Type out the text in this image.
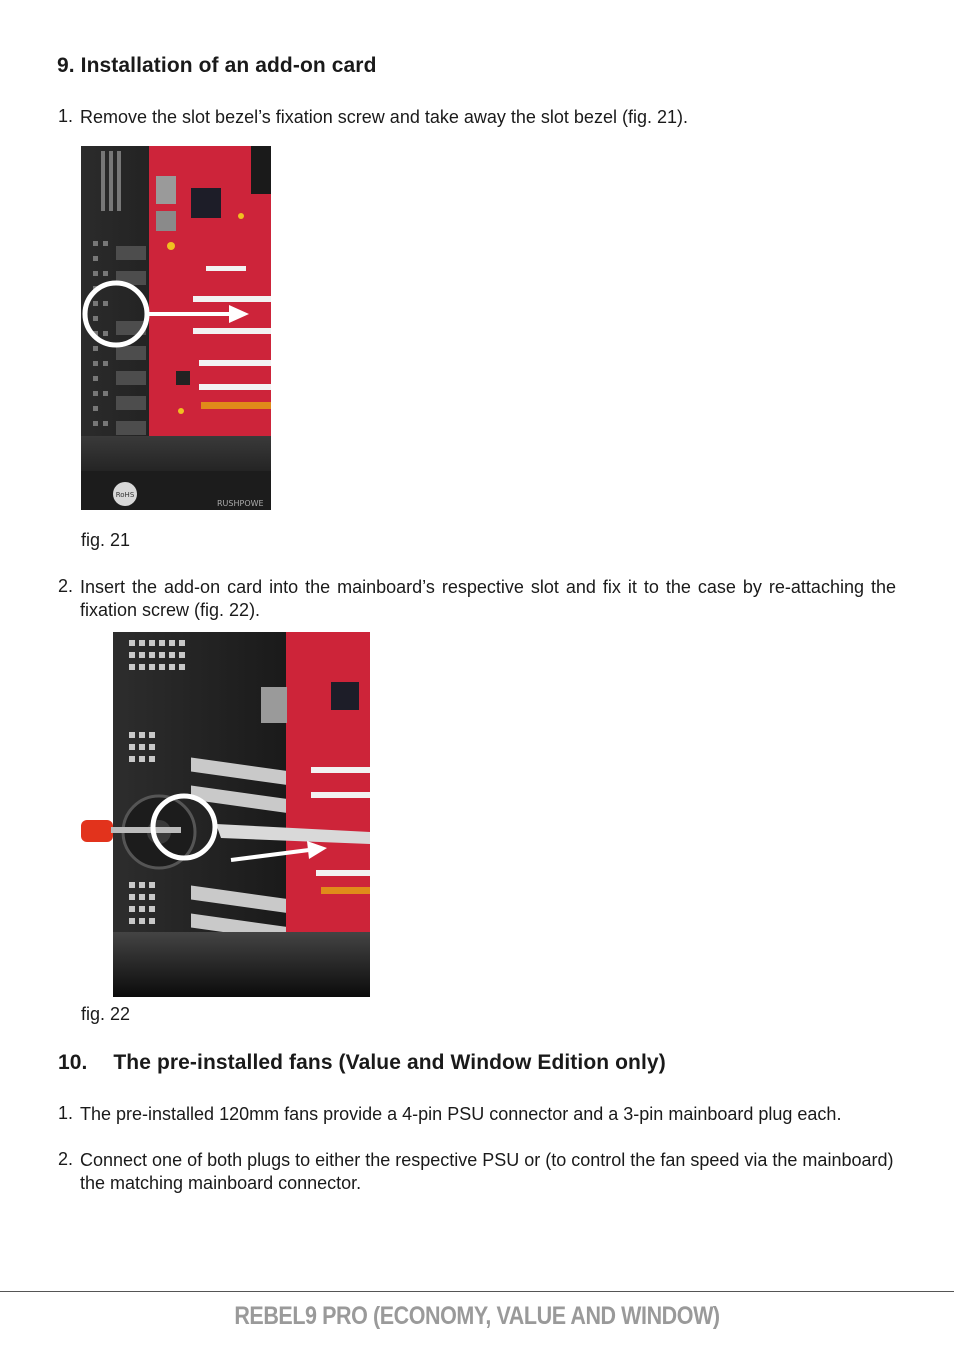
9. Installation of an add-on card
1. Remove the slot bezel’s fixation screw and take away the slot bezel (fig. 21).
RoHS
RUSHPOWE
fig. 21
2. Insert the add-on card into the mainboard’s respective slot and fix it to the case by re-attaching the fixation screw (fig. 22).
fig. 22
10. The pre-installed fans (Value and Window Edition only)
1. The pre-installed 120mm fans provide a 4-pin PSU connector and a 3-pin mainboard plug each.
2. Connect one of both plugs to either the respective PSU or (to control the fan speed via the mainboard) the matching mainboard connector.
REBEL9 PRO (ECONOMY, VALUE AND WINDOW)
